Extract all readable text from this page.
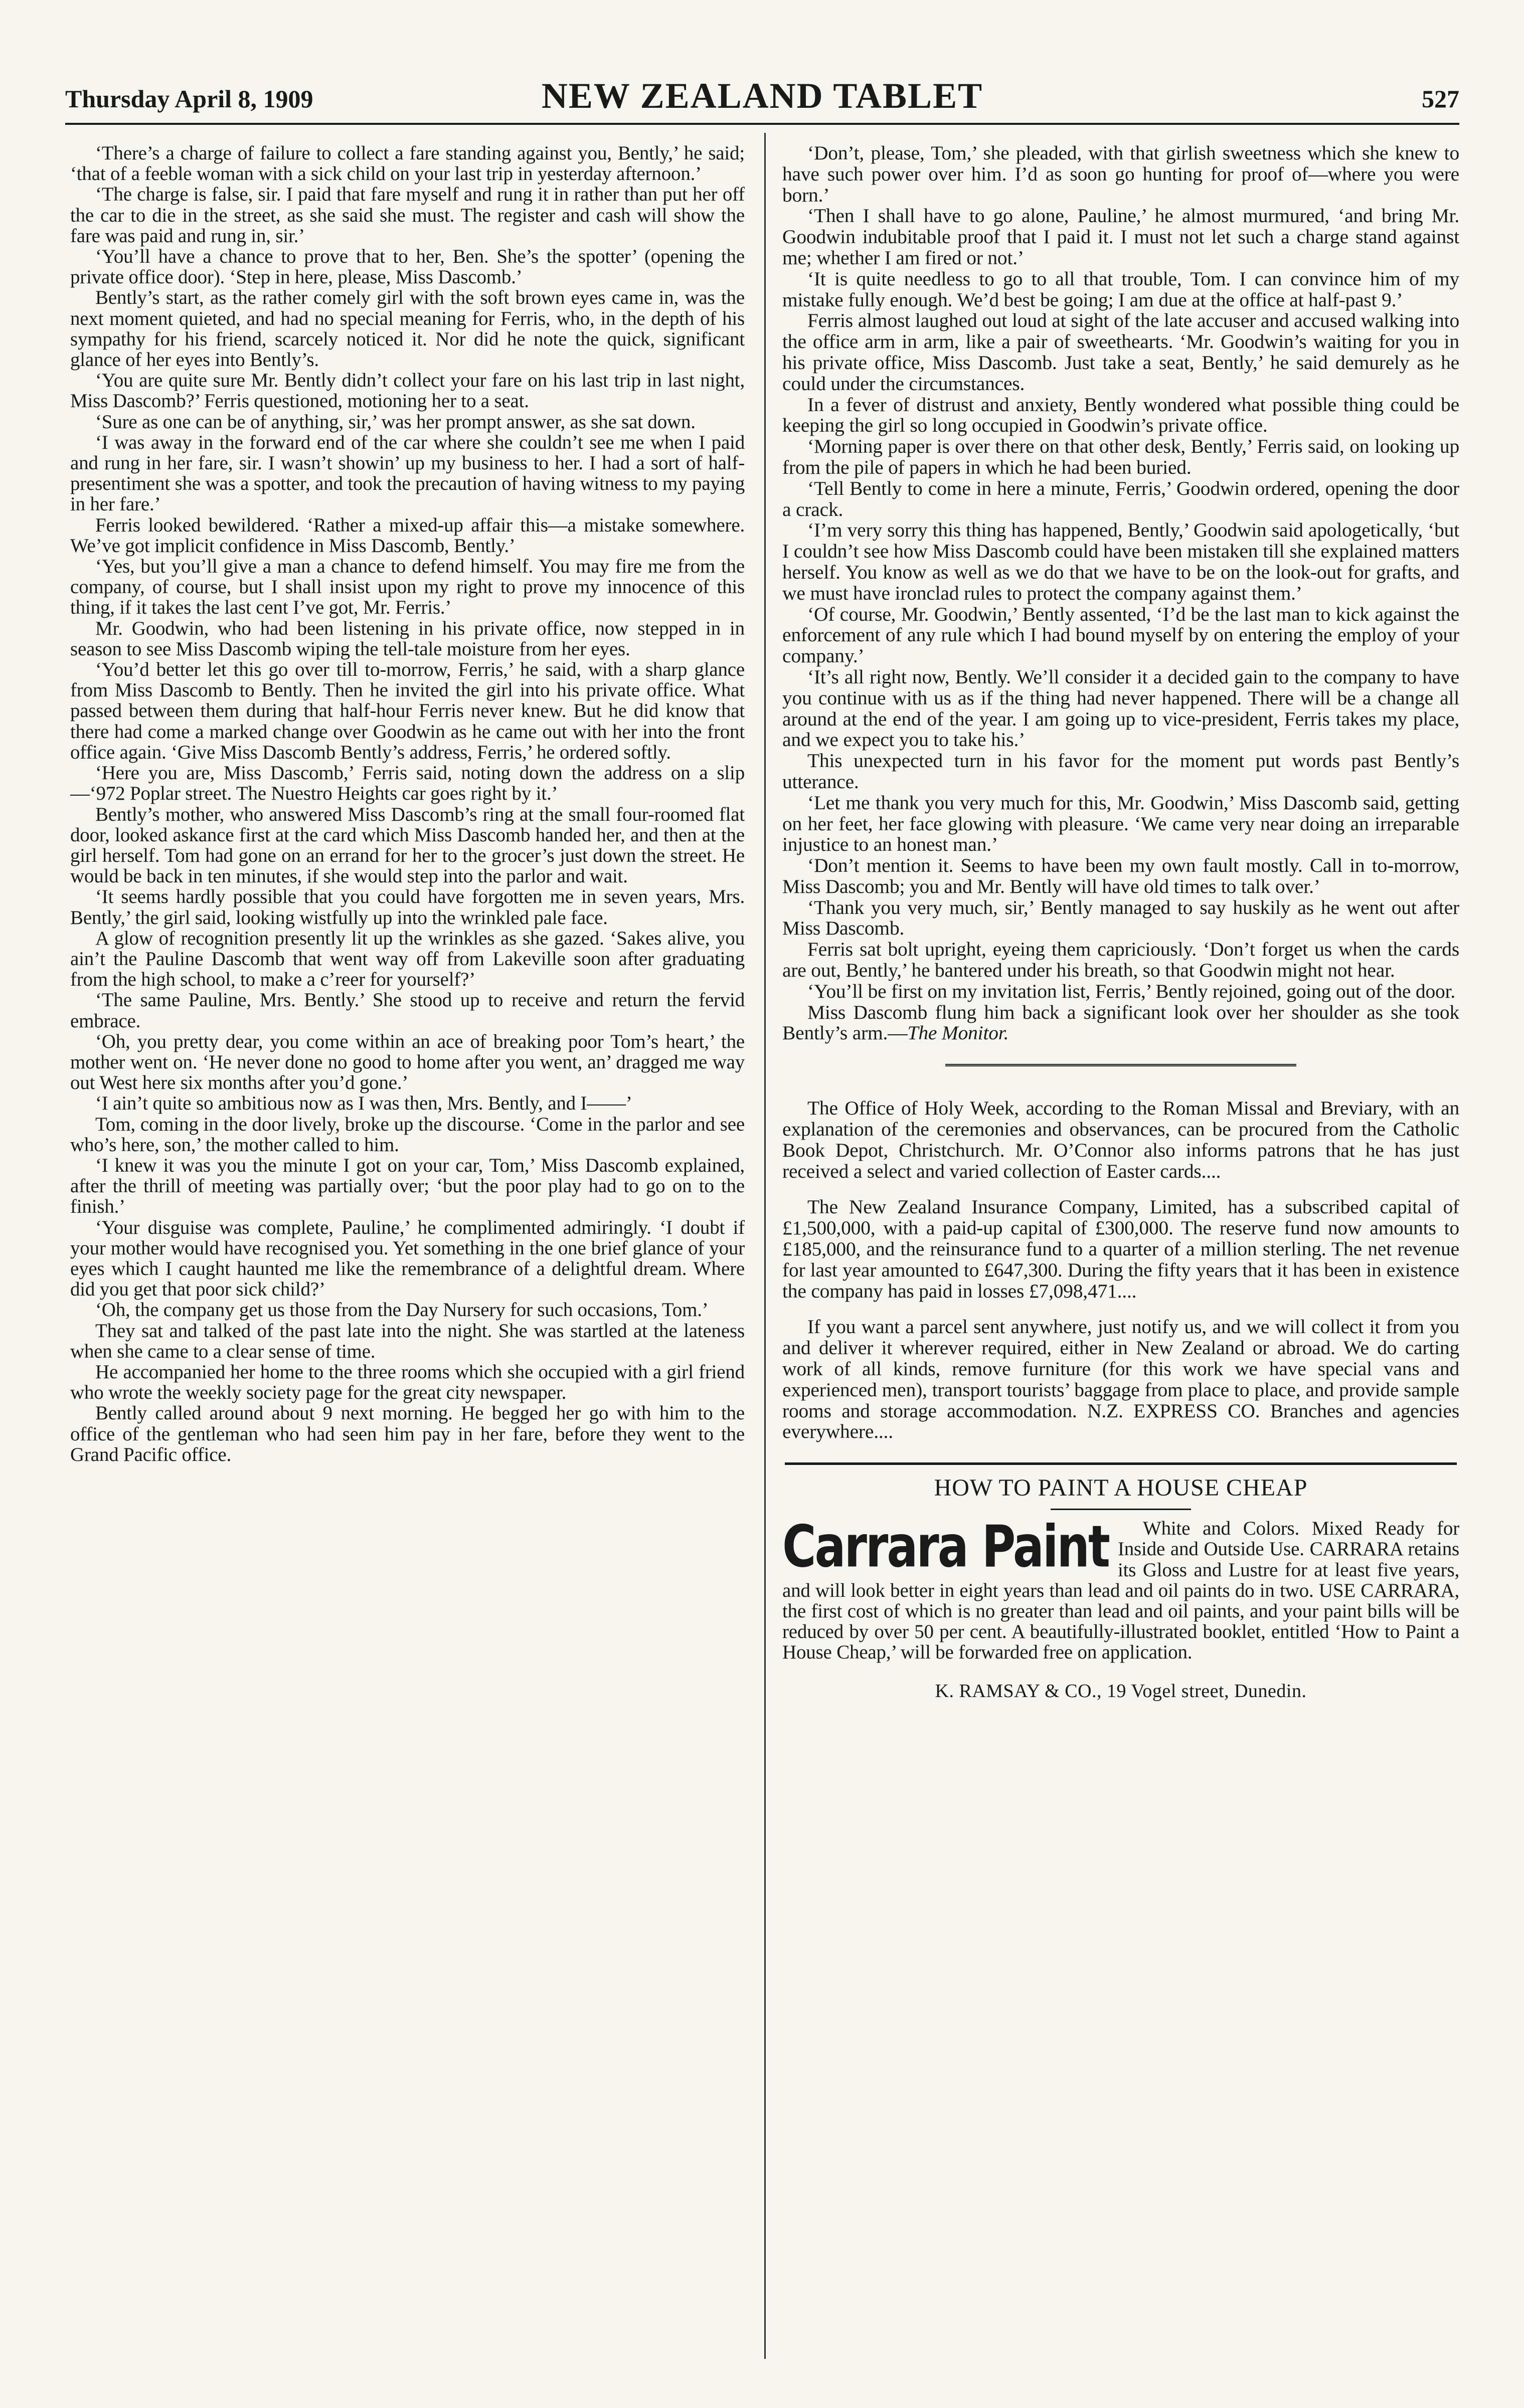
Thursday April 8, 1909	NEW ZEALAND TABLET	527

‘There’s a charge of failure to collect a fare standing against you, Bently,’ he said; ‘that of a feeble woman with a sick child on your last trip in yesterday afternoon.’

‘The charge is false, sir. I paid that fare myself and rung it in rather than put her off the car to die in the street, as she said she must. The register and cash will show the fare was paid and rung in, sir.’

‘You’ll have a chance to prove that to her, Ben. She’s the spotter’ (opening the private office door). ‘Step in here, please, Miss Dascomb.’

Bently’s start, as the rather comely girl with the soft brown eyes came in, was the next moment quieted, and had no special meaning for Ferris, who, in the depth of his sympathy for his friend, scarcely noticed it. Nor did he note the quick, significant glance of her eyes into Bently’s.

‘You are quite sure Mr. Bently didn’t collect your fare on his last trip in last night, Miss Dascomb?’ Ferris questioned, motioning her to a seat.

‘Sure as one can be of anything, sir,’ was her prompt answer, as she sat down.

‘I was away in the forward end of the car where she couldn’t see me when I paid and rung in her fare, sir. I wasn’t showin’ up my business to her. I had a sort of half-presentiment she was a spotter, and took the precaution of having witness to my paying in her fare.’

Ferris looked bewildered. ‘Rather a mixed-up affair this—a mistake somewhere. We’ve got implicit confidence in Miss Dascomb, Bently.’

‘Yes, but you’ll give a man a chance to defend himself. You may fire me from the company, of course, but I shall insist upon my right to prove my innocence of this thing, if it takes the last cent I’ve got, Mr. Ferris.’

Mr. Goodwin, who had been listening in his private office, now stepped in in season to see Miss Dascomb wiping the tell-tale moisture from her eyes.

‘You’d better let this go over till to-morrow, Ferris,’ he said, with a sharp glance from Miss Dascomb to Bently. Then he invited the girl into his private office. What passed between them during that half-hour Ferris never knew. But he did know that there had come a marked change over Goodwin as he came out with her into the front office again. ‘Give Miss Dascomb Bently’s address, Ferris,’ he ordered softly.

‘Here you are, Miss Dascomb,’ Ferris said, noting down the address on a slip—‘972 Poplar street. The Nuestro Heights car goes right by it.’

Bently’s mother, who answered Miss Dascomb’s ring at the small four-roomed flat door, looked askance first at the card which Miss Dascomb handed her, and then at the girl herself. Tom had gone on an errand for her to the grocer’s just down the street. He would be back in ten minutes, if she would step into the parlor and wait.

‘It seems hardly possible that you could have forgotten me in seven years, Mrs. Bently,’ the girl said, looking wistfully up into the wrinkled pale face.

A glow of recognition presently lit up the wrinkles as she gazed. ‘Sakes alive, you ain’t the Pauline Dascomb that went way off from Lakeville soon after graduating from the high school, to make a c’reer for yourself?’

‘The same Pauline, Mrs. Bently.’ She stood up to receive and return the fervid embrace.

‘Oh, you pretty dear, you come within an ace of breaking poor Tom’s heart,’ the mother went on. ‘He never done no good to home after you went, an’ dragged me way out West here six months after you’d gone.’

‘I ain’t quite so ambitious now as I was then, Mrs. Bently, and I——’

Tom, coming in the door lively, broke up the discourse. ‘Come in the parlor and see who’s here, son,’ the mother called to him.

‘I knew it was you the minute I got on your car, Tom,’ Miss Dascomb explained, after the thrill of meeting was partially over; ‘but the poor play had to go on to the finish.’

‘Your disguise was complete, Pauline,’ he complimented admiringly. ‘I doubt if your mother would have recognised you. Yet something in the one brief glance of your eyes which I caught haunted me like the remembrance of a delightful dream. Where did you get that poor sick child?’

‘Oh, the company get us those from the Day Nursery for such occasions, Tom.’

They sat and talked of the past late into the night. She was startled at the lateness when she came to a clear sense of time.

He accompanied her home to the three rooms which she occupied with a girl friend who wrote the weekly society page for the great city newspaper.

Bently called around about 9 next morning. He begged her go with him to the office of the gentleman who had seen him pay in her fare, before they went to the Grand Pacific office.

‘Don’t, please, Tom,’ she pleaded, with that girlish sweetness which she knew to have such power over him. I’d as soon go hunting for proof of—where you were born.’

‘Then I shall have to go alone, Pauline,’ he almost murmured, ‘and bring Mr. Goodwin indubitable proof that I paid it. I must not let such a charge stand against me; whether I am fired or not.’

‘It is quite needless to go to all that trouble, Tom. I can convince him of my mistake fully enough. We’d best be going; I am due at the office at half-past 9.’

Ferris almost laughed out loud at sight of the late accuser and accused walking into the office arm in arm, like a pair of sweethearts. ‘Mr. Goodwin’s waiting for you in his private office, Miss Dascomb. Just take a seat, Bently,’ he said demurely as he could under the circumstances.

In a fever of distrust and anxiety, Bently wondered what possible thing could be keeping the girl so long occupied in Goodwin’s private office.

‘Morning paper is over there on that other desk, Bently,’ Ferris said, on looking up from the pile of papers in which he had been buried.

‘Tell Bently to come in here a minute, Ferris,’ Goodwin ordered, opening the door a crack.

‘I’m very sorry this thing has happened, Bently,’ Goodwin said apologetically, ‘but I couldn’t see how Miss Dascomb could have been mistaken till she explained matters herself. You know as well as we do that we have to be on the look-out for grafts, and we must have ironclad rules to protect the company against them.’

‘Of course, Mr. Goodwin,’ Bently assented, ‘I’d be the last man to kick against the enforcement of any rule which I had bound myself by on entering the employ of your company.’

‘It’s all right now, Bently. We’ll consider it a decided gain to the company to have you continue with us as if the thing had never happened. There will be a change all around at the end of the year. I am going up to vice-president, Ferris takes my place, and we expect you to take his.’

This unexpected turn in his favor for the moment put words past Bently’s utterance.

‘Let me thank you very much for this, Mr. Goodwin,’ Miss Dascomb said, getting on her feet, her face glowing with pleasure. ‘We came very near doing an irreparable injustice to an honest man.’

‘Don’t mention it. Seems to have been my own fault mostly. Call in to-morrow, Miss Dascomb; you and Mr. Bently will have old times to talk over.’

‘Thank you very much, sir,’ Bently managed to say huskily as he went out after Miss Dascomb.

Ferris sat bolt upright, eyeing them capriciously. ‘Don’t forget us when the cards are out, Bently,’ he bantered under his breath, so that Goodwin might not hear.

‘You’ll be first on my invitation list, Ferris,’ Bently rejoined, going out of the door.

Miss Dascomb flung him back a significant look over her shoulder as she took Bently’s arm.—The Monitor.

The Office of Holy Week, according to the Roman Missal and Breviary, with an explanation of the ceremonies and observances, can be procured from the Catholic Book Depot, Christchurch. Mr. O’Connor also informs patrons that he has just received a select and varied collection of Easter cards....

The New Zealand Insurance Company, Limited, has a subscribed capital of £1,500,000, with a paid-up capital of £300,000. The reserve fund now amounts to £185,000, and the reinsurance fund to a quarter of a million sterling. The net revenue for last year amounted to £647,300. During the fifty years that it has been in existence the company has paid in losses £7,098,471....

If you want a parcel sent anywhere, just notify us, and we will collect it from you and deliver it wherever required, either in New Zealand or abroad. We do carting work of all kinds, remove furniture (for this work we have special vans and experienced men), transport tourists’ baggage from place to place, and provide sample rooms and storage accommodation. N.Z. EXPRESS CO. Branches and agencies everywhere....

HOW TO PAINT A HOUSE CHEAP
Carrara Paint	White and Colors. Mixed Ready for Inside and Outside Use. CARRARA retains its Gloss and Lustre for at least five years, and will look better in eight years than lead and oil paints do in two. USE CARRARA, the first cost of which is no greater than lead and oil paints, and your paint bills will be reduced by over 50 per cent. A beautifully-illustrated booklet, entitled ‘How to Paint a House Cheap,’ will be forwarded free on application.

K. RAMSAY & CO., 19 Vogel street, Dunedin.
